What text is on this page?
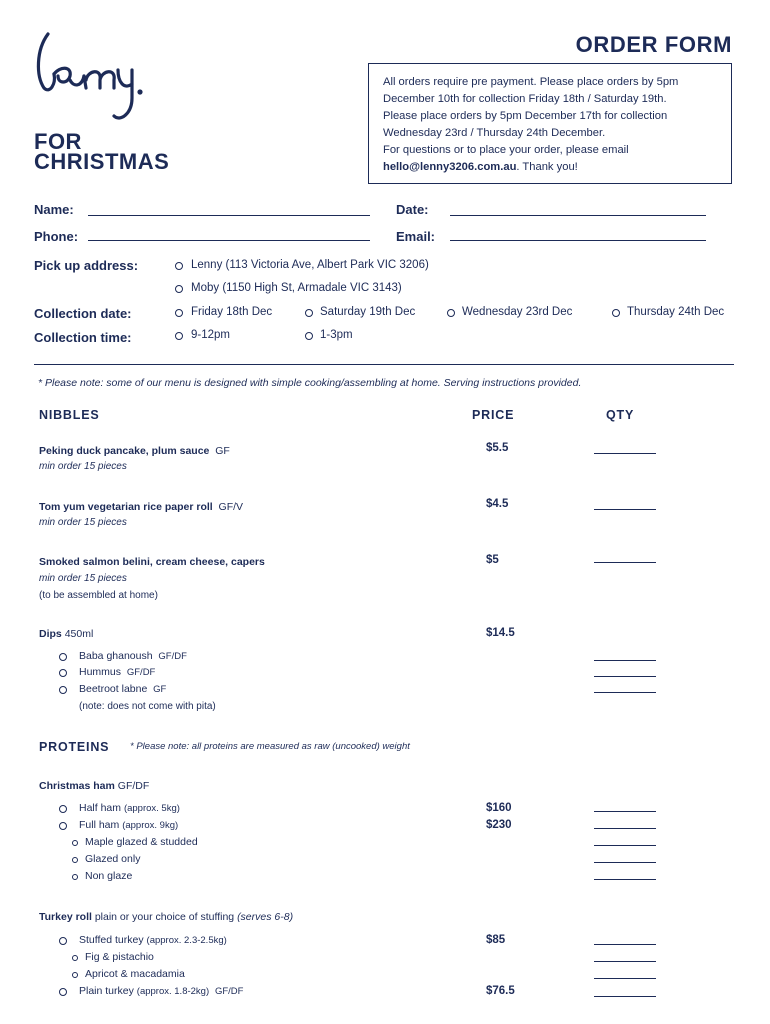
FOR
CHRISTMAS
ORDER FORM
All orders require pre payment. Please place orders by 5pm
December 10th for collection Friday 18th / Saturday 19th.
Please place orders by 5pm December 17th for collection
Wednesday 23rd / Thursday 24th December.
For questions or to place your order, please email
hello@lenny3206.com.au. Thank you!
Name:	Date:
Phone:	Email:
Pick up address:	Lenny (113 Victoria Ave, Albert Park VIC 3206)
Moby (1150 High St, Armadale VIC 3143)
Collection date:	Friday 18th Dec	Saturday 19th Dec	Wednesday 23rd Dec	Thursday 24th Dec
Collection time:	9-12pm	1-3pm
* Please note: some of our menu is designed with simple cooking/assembling at home. Serving instructions provided.
NIBBLES	PRICE	QTY
Peking duck pancake, plum sauce GF
min order 15 pieces
$5.5
Tom yum vegetarian rice paper roll GF/V
min order 15 pieces
$4.5
Smoked salmon belini, cream cheese, capers
min order 15 pieces
(to be assembled at home)
$5
Dips 450ml	$14.5
Baba ghanoush GF/DF
Hummus GF/DF
Beetroot labne GF
(note: does not come with pita)
PROTEINS * Please note: all proteins are measured as raw (uncooked) weight
Christmas ham GF/DF
Half ham (approx. 5kg)	$160
Full ham (approx. 9kg)	$230
Maple glazed & studded
Glazed only
Non glaze
Turkey roll plain or your choice of stuffing (serves 6-8)
Stuffed turkey (approx. 2.3-2.5kg)	$85
Fig & pistachio
Apricot & macadamia
Plain turkey (approx. 1.8-2kg) GF/DF	$76.5
